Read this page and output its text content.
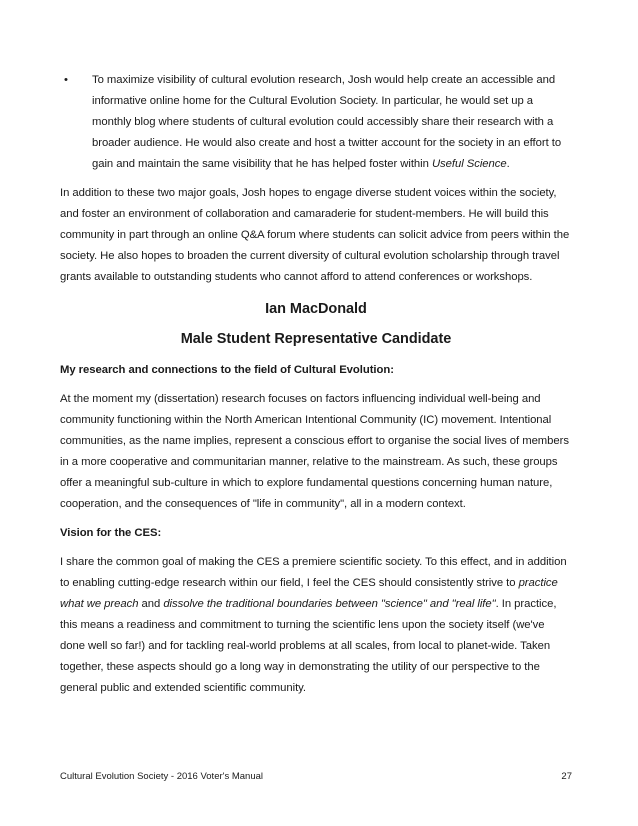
• To maximize visibility of cultural evolution research, Josh would help create an accessible and informative online home for the Cultural Evolution Society. In particular, he would set up a monthly blog where students of cultural evolution could accessibly share their research with a broader audience. He would also create and host a twitter account for the society in an effort to gain and maintain the same visibility that he has helped foster within Useful Science.

In addition to these two major goals, Josh hopes to engage diverse student voices within the society, and foster an environment of collaboration and camaraderie for student-members. He will build this community in part through an online Q&A forum where students can solicit advice from peers within the society. He also hopes to broaden the current diversity of cultural evolution scholarship through travel grants available to outstanding students who cannot afford to attend conferences or workshops.

Ian MacDonald
Male Student Representative Candidate
My research and connections to the field of Cultural Evolution:

At the moment my (dissertation) research focuses on factors influencing individual well-being and community functioning within the North American Intentional Community (IC) movement. Intentional communities, as the name implies, represent a conscious effort to organise the social lives of members in a more cooperative and communitarian manner, relative to the mainstream. As such, these groups offer a meaningful sub-culture in which to explore fundamental questions concerning human nature, cooperation, and the consequences of "life in community", all in a modern context.

Vision for the CES:

I share the common goal of making the CES a premiere scientific society. To this effect, and in addition to enabling cutting-edge research within our field, I feel the CES should consistently strive to practice what we preach and dissolve the traditional boundaries between "science" and "real life". In practice, this means a readiness and commitment to turning the scientific lens upon the society itself (we've done well so far!) and for tackling real-world problems at all scales, from local to planet-wide. Taken together, these aspects should go a long way in demonstrating the utility of our perspective to the general public and extended scientific community.

Cultural Evolution Society - 2016 Voter's Manual	27
